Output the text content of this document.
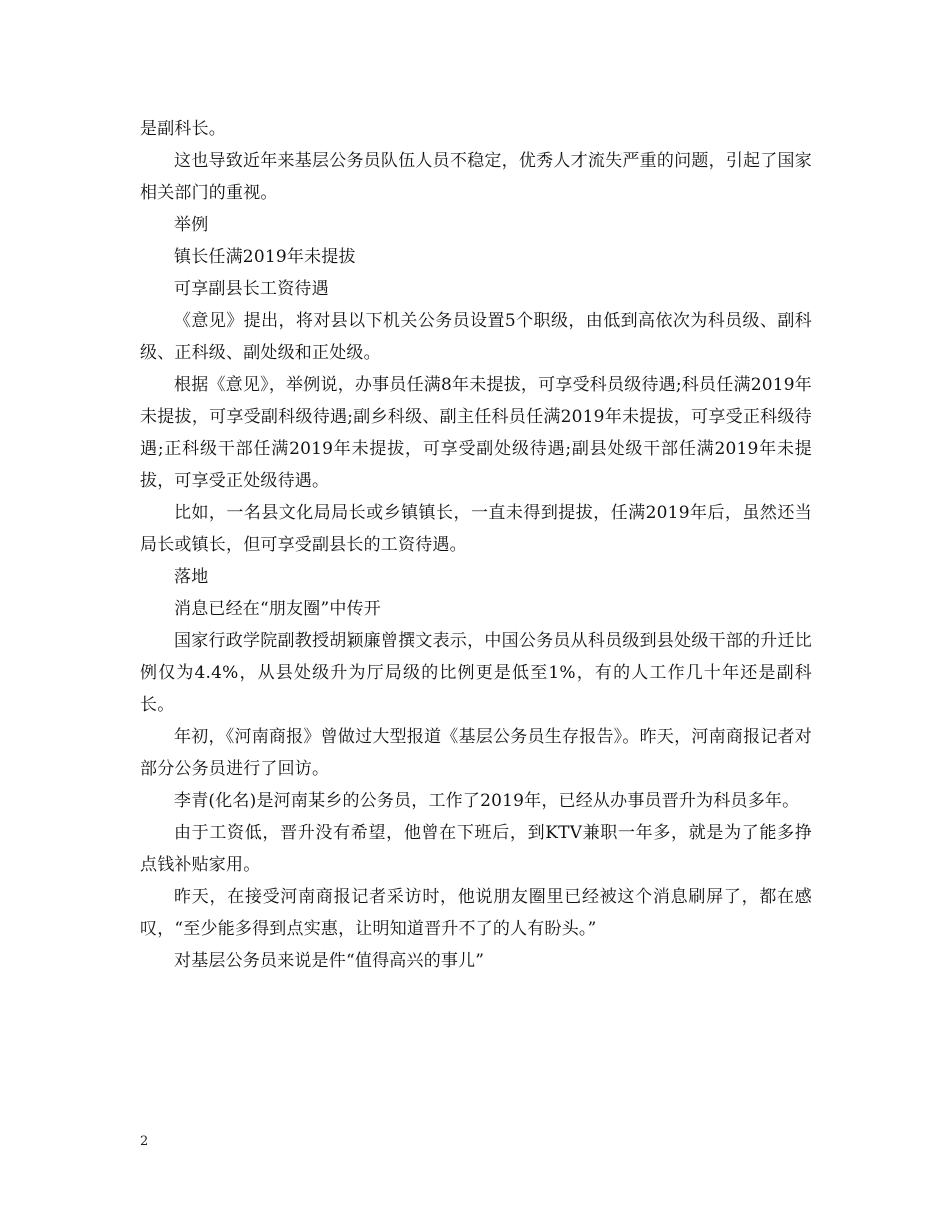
是副科长。

这也导致近年来基层公务员队伍人员不稳定，优秀人才流失严重的问题，引起了国家相关部门的重视。

举例

镇长任满2019年未提拔

可享副县长工资待遇

《意见》提出，将对县以下机关公务员设置5个职级，由低到高依次为科员级、副科级、正科级、副处级和正处级。

根据《意见》，举例说，办事员任满8年未提拔，可享受科员级待遇;科员任满2019年未提拔，可享受副科级待遇;副乡科级、副主任科员任满2019年未提拔，可享受正科级待遇;正科级干部任满2019年未提拔，可享受副处级待遇;副县处级干部任满2019年未提拔，可享受正处级待遇。

比如，一名县文化局局长或乡镇镇长，一直未得到提拔，任满2019年后，虽然还当局长或镇长，但可享受副县长的工资待遇。

落地

消息已经在“朋友圈”中传开

国家行政学院副教授胡颖廉曾撰文表示，中国公务员从科员级到县处级干部的升迁比例仅为4.4%，从县处级升为厅局级的比例更是低至1%，有的人工作几十年还是副科长。

年初，《河南商报》曾做过大型报道《基层公务员生存报告》。昨天，河南商报记者对部分公务员进行了回访。

李青(化名)是河南某乡的公务员，工作了2019年，已经从办事员晋升为科员多年。

由于工资低，晋升没有希望，他曾在下班后，到KTV兼职一年多，就是为了能多挣点钱补贴家用。

昨天，在接受河南商报记者采访时，他说朋友圈里已经被这个消息刷屏了，都在感叹，“至少能多得到点实惠，让明知道晋升不了的人有盼头。”

对基层公务员来说是件“值得高兴的事儿”

2
